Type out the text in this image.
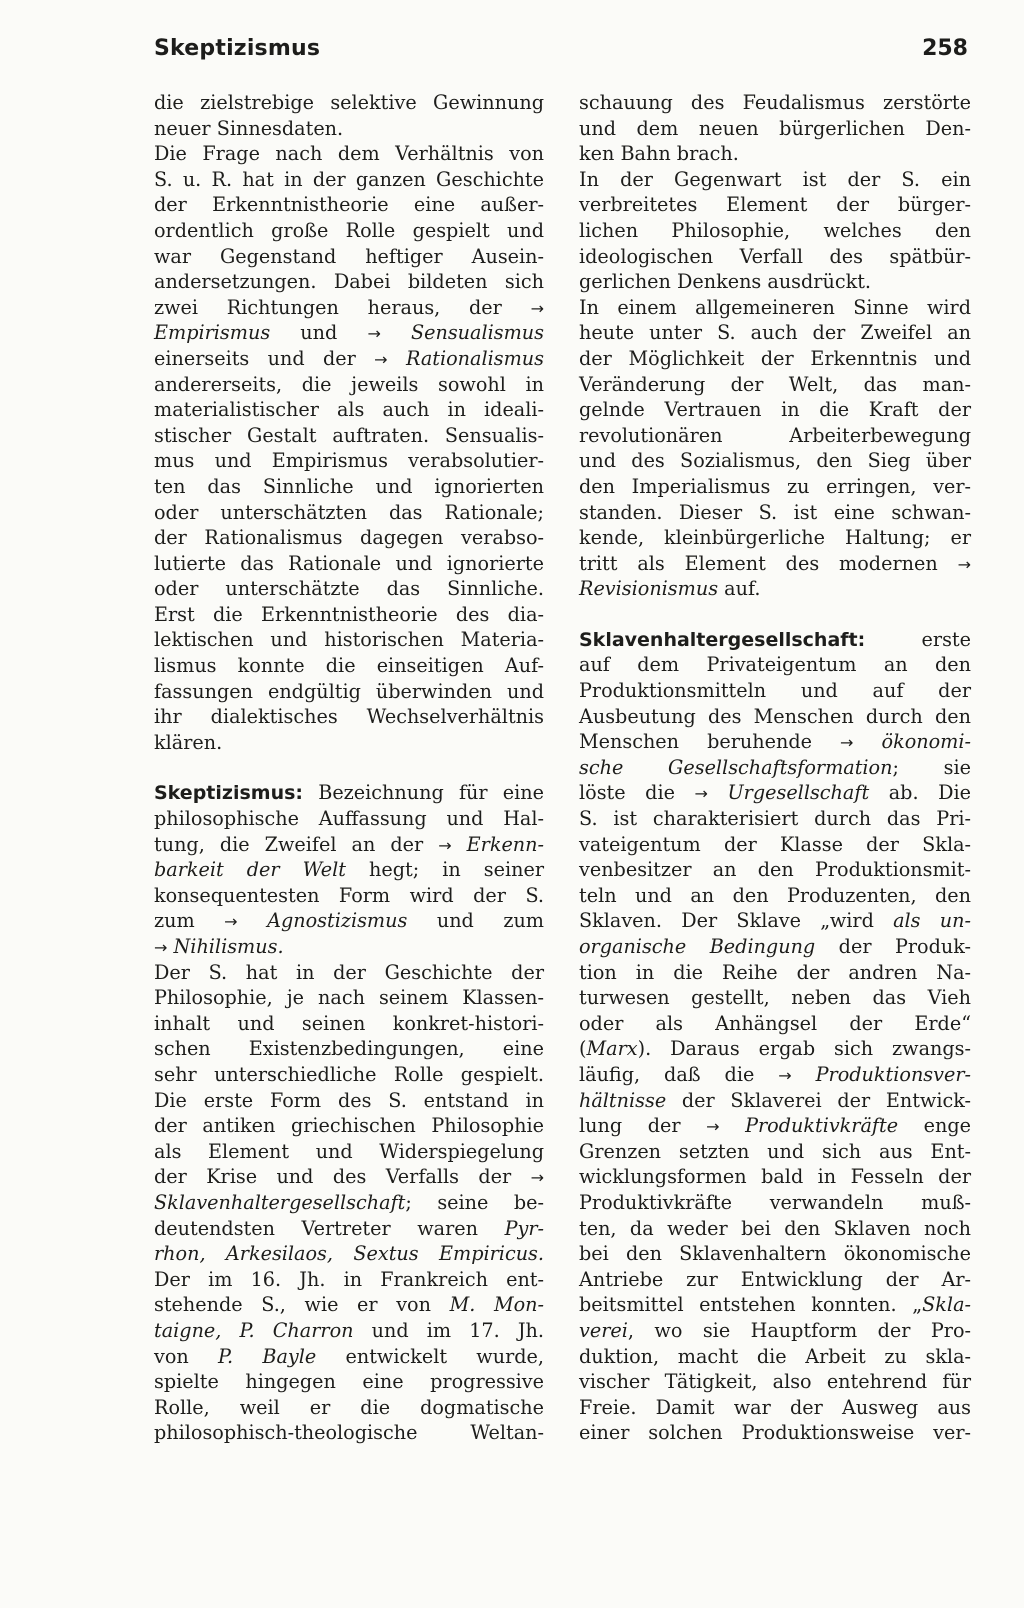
Skeptizismus	258
die zielstrebige selektive Gewinnung
neuer Sinnesdaten.
Die Frage nach dem Verhältnis von
S. u. R. hat in der ganzen Geschichte
der Erkenntnistheorie eine außer-
ordentlich große Rolle gespielt und
war Gegenstand heftiger Ausein-
andersetzungen. Dabei bildeten sich
zwei Richtungen heraus, der →
Empirismus und → Sensualismus
einerseits und der → Rationalismus
andererseits, die jeweils sowohl in
materialistischer als auch in ideali-
stischer Gestalt auftraten. Sensualis-
mus und Empirismus verabsolutier-
ten das Sinnliche und ignorierten
oder unterschätzten das Rationale;
der Rationalismus dagegen verabso-
lutierte das Rationale und ignorierte
oder unterschätzte das Sinnliche.
Erst die Erkenntnistheorie des dia-
lektischen und historischen Materia-
lismus konnte die einseitigen Auf-
fassungen endgültig überwinden und
ihr dialektisches Wechselverhältnis
klären.
Skeptizismus: Bezeichnung für eine
philosophische Auffassung und Hal-
tung, die Zweifel an der → Erkenn-
barkeit der Welt hegt; in seiner
konsequentesten Form wird der S.
zum → Agnostizismus und zum
→ Nihilismus.
Der S. hat in der Geschichte der
Philosophie, je nach seinem Klassen-
inhalt und seinen konkret-histori-
schen Existenzbedingungen, eine
sehr unterschiedliche Rolle gespielt.
Die erste Form des S. entstand in
der antiken griechischen Philosophie
als Element und Widerspiegelung
der Krise und des Verfalls der →
Sklavenhaltergesellschaft; seine be-
deutendsten Vertreter waren Pyr-
rhon, Arkesilaos, Sextus Empiricus.
Der im 16. Jh. in Frankreich ent-
stehende S., wie er von M. Mon-
taigne, P. Charron und im 17. Jh.
von P. Bayle entwickelt wurde,
spielte hingegen eine progressive
Rolle, weil er die dogmatische
philosophisch-theologische Weltan-
schauung des Feudalismus zerstörte
und dem neuen bürgerlichen Den-
ken Bahn brach.
In der Gegenwart ist der S. ein
verbreitetes Element der bürger-
lichen Philosophie, welches den
ideologischen Verfall des spätbür-
gerlichen Denkens ausdrückt.
In einem allgemeineren Sinne wird
heute unter S. auch der Zweifel an
der Möglichkeit der Erkenntnis und
Veränderung der Welt, das man-
gelnde Vertrauen in die Kraft der
revolutionären Arbeiterbewegung
und des Sozialismus, den Sieg über
den Imperialismus zu erringen, ver-
standen. Dieser S. ist eine schwan-
kende, kleinbürgerliche Haltung; er
tritt als Element des modernen →
Revisionismus auf.
Sklavenhaltergesellschaft: erste
auf dem Privateigentum an den
Produktionsmitteln und auf der
Ausbeutung des Menschen durch den
Menschen beruhende → ökonomi-
sche Gesellschaftsformation; sie
löste die → Urgesellschaft ab. Die
S. ist charakterisiert durch das Pri-
vateigentum der Klasse der Skla-
venbesitzer an den Produktionsmit-
teln und an den Produzenten, den
Sklaven. Der Sklave „wird als un-
organische Bedingung der Produk-
tion in die Reihe der andren Na-
turwesen gestellt, neben das Vieh
oder als Anhängsel der Erde“
(Marx). Daraus ergab sich zwangs-
läufig, daß die → Produktionsver-
hältnisse der Sklaverei der Entwick-
lung der → Produktivkräfte enge
Grenzen setzten und sich aus Ent-
wicklungsformen bald in Fesseln der
Produktivkräfte verwandeln muß-
ten, da weder bei den Sklaven noch
bei den Sklavenhaltern ökonomische
Antriebe zur Entwicklung der Ar-
beitsmittel entstehen konnten. „Skla-
verei, wo sie Hauptform der Pro-
duktion, macht die Arbeit zu skla-
vischer Tätigkeit, also entehrend für
Freie. Damit war der Ausweg aus
einer solchen Produktionsweise ver-
